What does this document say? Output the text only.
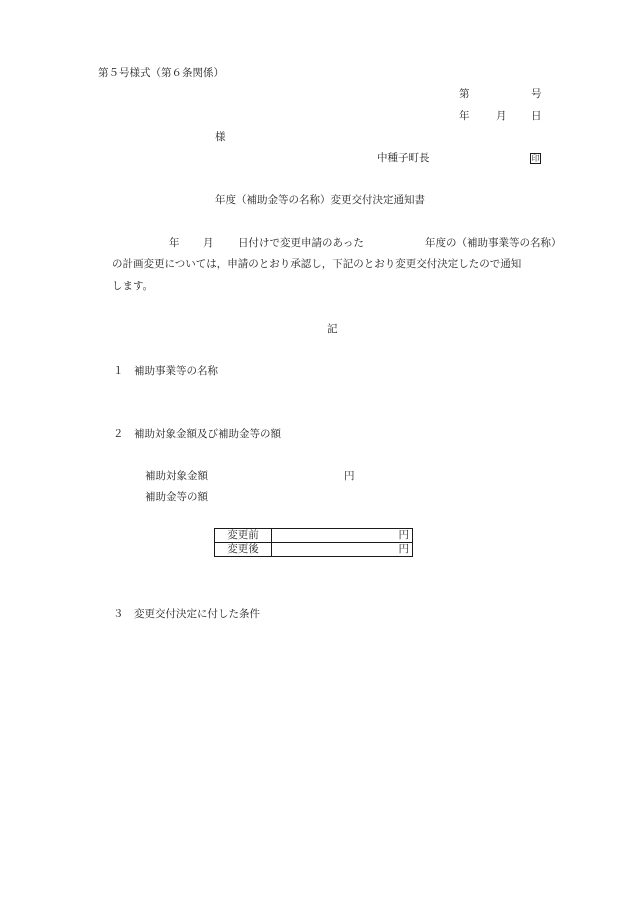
第５号様式（第６条関係）
第	号
年	月 日
様
中種子町長	印
年度（補助金等の名称）変更交付決定通知書
年 月 日付けで変更申請のあった	年度の（補助事業等の名称）
の計画変更については，申請のとおり承認し，下記のとおり変更交付決定したので通知
します。
記
１ 補助事業等の名称
２ 補助対象金額及び補助金等の額
補助対象金額	円
補助金等の額
変更前	円
変更後	円
３ 変更交付決定に付した条件
